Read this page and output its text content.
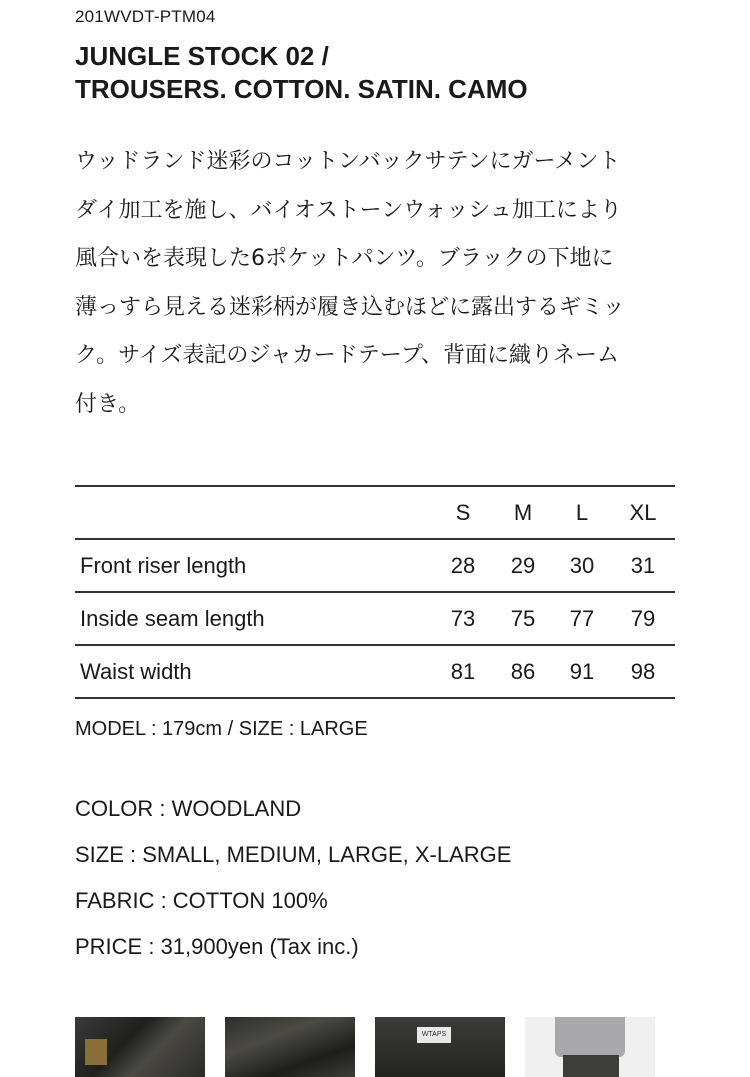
201WVDT-PTM04
JUNGLE STOCK 02 /
TROUSERS. COTTON. SATIN. CAMO
ウッドランド迷彩のコットンバックサテンにガーメント
ダイ加工を施し、バイオストーンウォッシュ加工により
風合いを表現した6ポケットパンツ。ブラックの下地に
薄っすら見える迷彩柄が履き込むほどに露出するギミッ
ク。サイズ表記のジャカードテープ、背面に織りネーム
付き。
	S	M	L	XL
Front riser length	28	29	30	31
Inside seam length	73	75	77	79
Waist width	81	86	91	98
MODEL : 179cm / SIZE : LARGE
COLOR : WOODLAND
SIZE : SMALL, MEDIUM, LARGE, X-LARGE
FABRIC : COTTON 100%
PRICE : 31,900yen (Tax inc.)
WTAPS
